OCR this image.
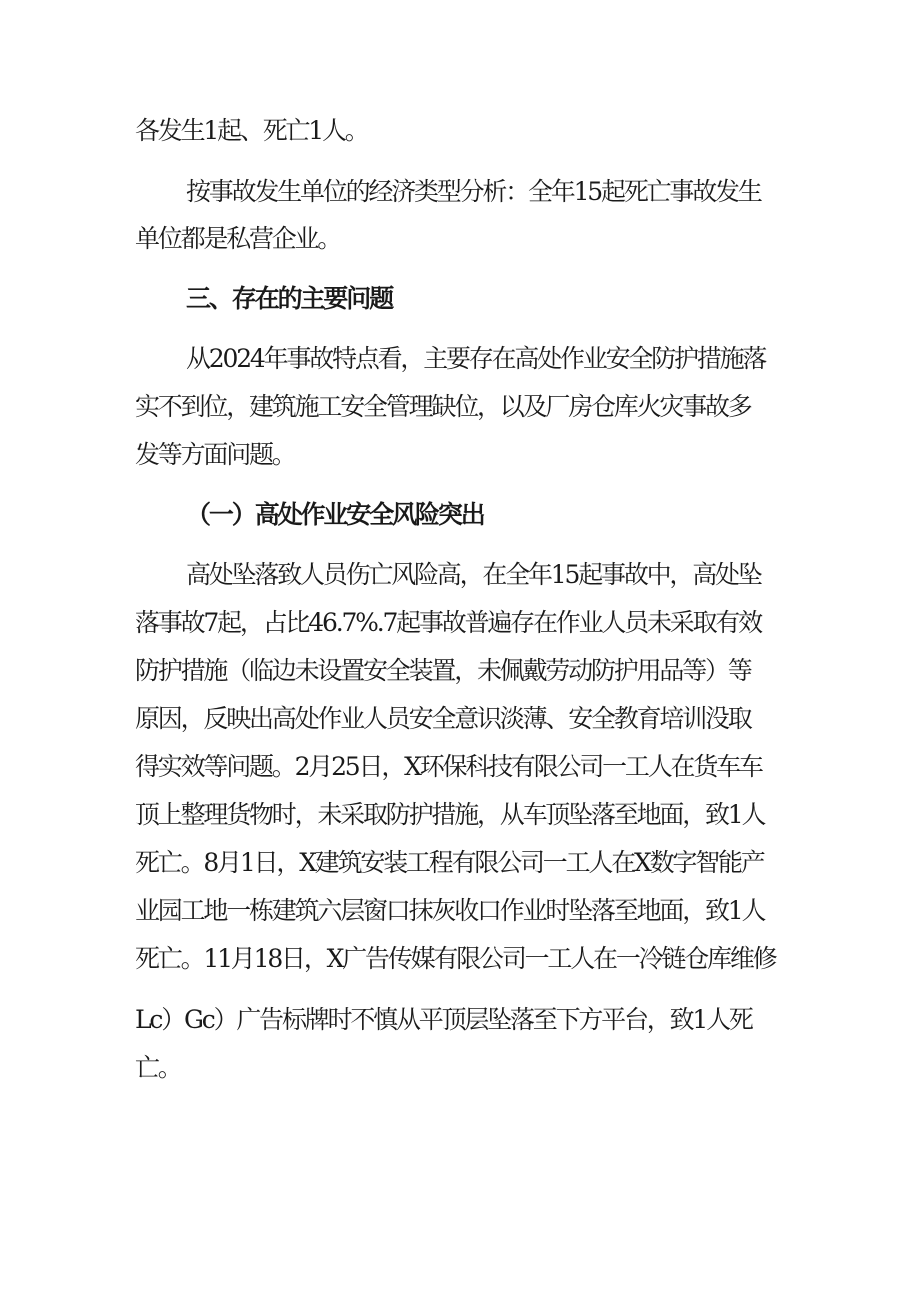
各发生1起、死亡1人。
按事故发生单位的经济类型分析：全年15起死亡事故发生
单位都是私营企业。
三、存在的主要问题
从2024年事故特点看，主要存在高处作业安全防护措施落
实不到位，建筑施工安全管理缺位，以及厂房仓库火灾事故多
发等方面问题。
（一）高处作业安全风险突出
高处坠落致人员伤亡风险高，在全年15起事故中，高处坠
落事故7起，占比46.7%.7起事故普遍存在作业人员未采取有效
防护措施（临边未设置安全装置，未佩戴劳动防护用品等）等
原因，反映出高处作业人员安全意识淡薄、安全教育培训没取
得实效等问题。2月25日，X环保科技有限公司一工人在货车车
顶上整理货物时，未采取防护措施，从车顶坠落至地面，致1人
死亡。8月1日，X建筑安装工程有限公司一工人在X数字智能产
业园工地一栋建筑六层窗口抹灰收口作业时坠落至地面，致1人
死亡。11月18日，X广告传媒有限公司一工人在一冷链仓库维修
Lc）Gc）广告标牌时不慎从平顶层坠落至下方平台，致1人死
亡。
